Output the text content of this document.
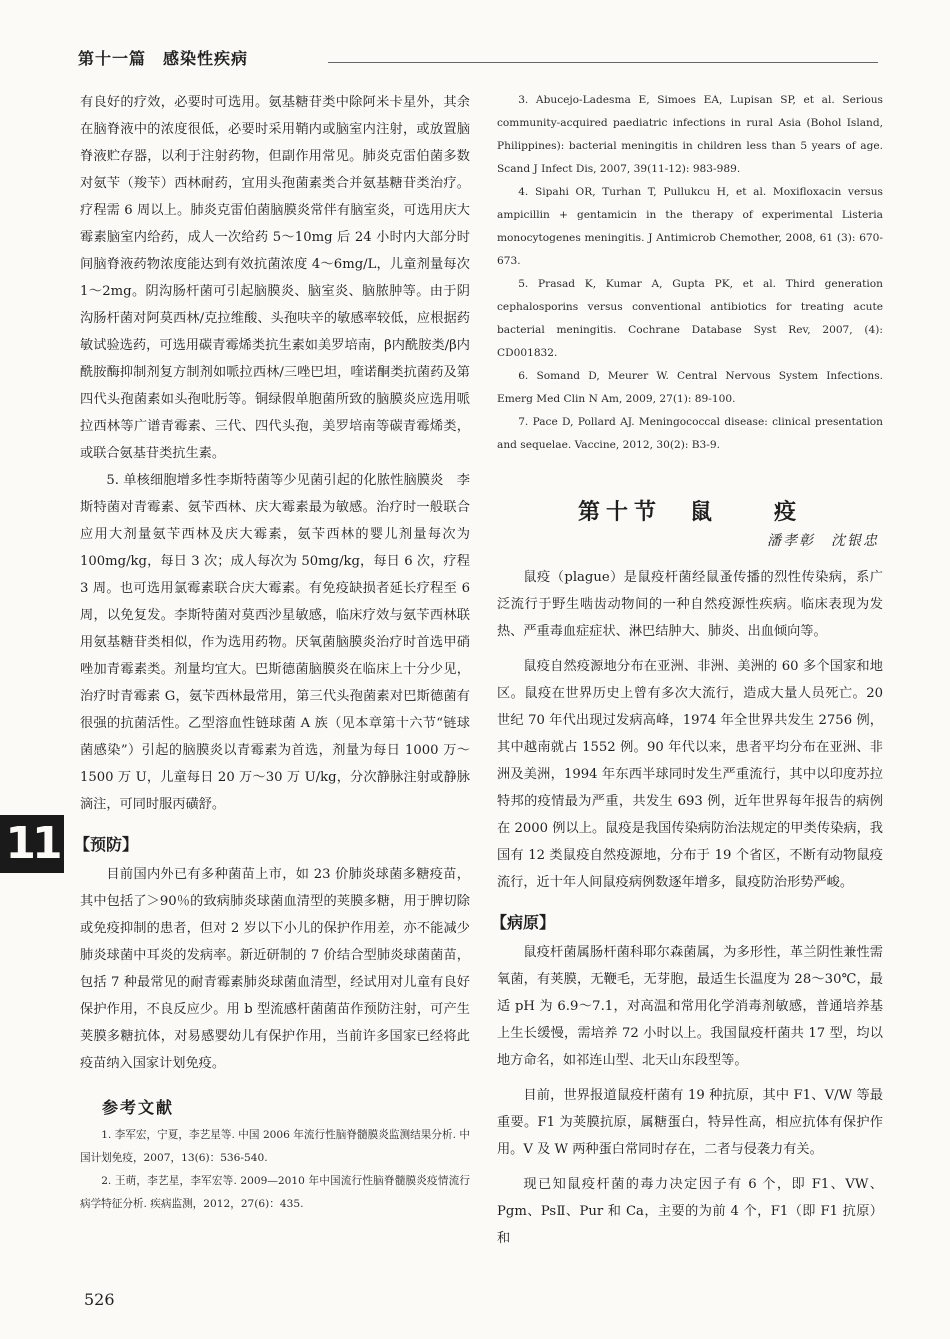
第十一篇　感染性疾病

有良好的疗效，必要时可选用。氨基糖苷类中除阿米卡星外，其余在脑脊液中的浓度很低，必要时采用鞘内或脑室内注射，或放置脑脊液贮存器，以利于注射药物，但副作用常见。肺炎克雷伯菌多数对氨苄（羧苄）西林耐药，宜用头孢菌素类合并氨基糖苷类治疗。疗程需 6 周以上。肺炎克雷伯菌脑膜炎常伴有脑室炎，可选用庆大霉素脑室内给药，成人一次给药 5～10mg 后 24 小时内大部分时间脑脊液药物浓度能达到有效抗菌浓度 4～6mg/L，儿童剂量每次 1～2mg。阴沟肠杆菌可引起脑膜炎、脑室炎、脑脓肿等。由于阴沟肠杆菌对阿莫西林/克拉维酸、头孢呋辛的敏感率较低，应根据药敏试验选药，可选用碳青霉烯类抗生素如美罗培南，β内酰胺类/β内酰胺酶抑制剂复方制剂如哌拉西林/三唑巴坦，喹诺酮类抗菌药及第四代头孢菌素如头孢吡肟等。铜绿假单胞菌所致的脑膜炎应选用哌拉西林等广谱青霉素、三代、四代头孢，美罗培南等碳青霉烯类，或联合氨基苷类抗生素。

5. 单核细胞增多性李斯特菌等少见菌引起的化脓性脑膜炎　李斯特菌对青霉素、氨苄西林、庆大霉素最为敏感。治疗时一般联合应用大剂量氨苄西林及庆大霉素，氨苄西林的婴儿剂量每次为 100mg/kg，每日 3 次；成人每次为 50mg/kg，每日 6 次，疗程 3 周。也可选用氯霉素联合庆大霉素。有免疫缺损者延长疗程至 6 周，以免复发。李斯特菌对莫西沙星敏感，临床疗效与氨苄西林联用氨基糖苷类相似，作为选用药物。厌氧菌脑膜炎治疗时首选甲硝唑加青霉素类。剂量均宜大。巴斯德菌脑膜炎在临床上十分少见，治疗时青霉素 G，氨苄西林最常用，第三代头孢菌素对巴斯德菌有很强的抗菌活性。乙型溶血性链球菌 A 族（见本章第十六节“链球菌感染”）引起的脑膜炎以青霉素为首选，剂量为每日 1000 万～1500 万 U，儿童每日 20 万～30 万 U/kg，分次静脉注射或静脉滴注，可同时服丙磺舒。

【预防】

目前国内外已有多种菌苗上市，如 23 价肺炎球菌多糖疫苗，其中包括了＞90％的致病肺炎球菌血清型的荚膜多糖，用于脾切除或免疫抑制的患者，但对 2 岁以下小儿的保护作用差，亦不能减少肺炎球菌中耳炎的发病率。新近研制的 7 价结合型肺炎球菌菌苗，包括 7 种最常见的耐青霉素肺炎球菌血清型，经试用对儿童有良好保护作用，不良反应少。用 b 型流感杆菌菌苗作预防注射，可产生荚膜多糖抗体，对易感婴幼儿有保护作用，当前许多国家已经将此疫苗纳入国家计划免疫。

参考文献

1. 李军宏，宁夏，李艺星等. 中国 2006 年流行性脑脊髓膜炎监测结果分析. 中国计划免疫，2007，13(6)：536-540.

2. 王萌，李艺星，李军宏等. 2009—2010 年中国流行性脑脊髓膜炎疫情流行病学特征分析. 疾病监测，2012，27(6)：435.

3. Abucejo-Ladesma E, Simoes EA, Lupisan SP, et al. Serious community-acquired paediatric infections in rural Asia (Bohol Island, Philippines): bacterial meningitis in children less than 5 years of age. Scand J Infect Dis, 2007, 39(11-12): 983-989.

4. Sipahi OR, Turhan T, Pullukcu H, et al. Moxifloxacin versus ampicillin + gentamicin in the therapy of experimental Listeria monocytogenes meningitis. J Antimicrob Chemother, 2008, 61 (3): 670-673.

5. Prasad K, Kumar A, Gupta PK, et al. Third generation cephalosporins versus conventional antibiotics for treating acute bacterial meningitis. Cochrane Database Syst Rev, 2007, (4): CD001832.

6. Somand D, Meurer W. Central Nervous System Infections. Emerg Med Clin N Am, 2009, 27(1): 89-100.

7. Pace D, Pollard AJ. Meningococcal disease: clinical presentation and sequelae. Vaccine, 2012, 30(2): B3-9.

第十节　鼠　　疫
潘孝彰　沈银忠

鼠疫（plague）是鼠疫杆菌经鼠蚤传播的烈性传染病，系广泛流行于野生啮齿动物间的一种自然疫源性疾病。临床表现为发热、严重毒血症症状、淋巴结肿大、肺炎、出血倾向等。

鼠疫自然疫源地分布在亚洲、非洲、美洲的 60 多个国家和地区。鼠疫在世界历史上曾有多次大流行，造成大量人员死亡。20 世纪 70 年代出现过发病高峰，1974 年全世界共发生 2756 例，其中越南就占 1552 例。90 年代以来，患者平均分布在亚洲、非洲及美洲，1994 年东西半球同时发生严重流行，其中以印度苏拉特邦的疫情最为严重，共发生 693 例，近年世界每年报告的病例在 2000 例以上。鼠疫是我国传染病防治法规定的甲类传染病，我国有 12 类鼠疫自然疫源地，分布于 19 个省区，不断有动物鼠疫流行，近十年人间鼠疫病例数逐年增多，鼠疫防治形势严峻。

【病原】

鼠疫杆菌属肠杆菌科耶尔森菌属，为多形性，革兰阴性兼性需氧菌，有荚膜，无鞭毛，无芽胞，最适生长温度为 28～30℃，最适 pH 为 6.9～7.1，对高温和常用化学消毒剂敏感，普通培养基上生长缓慢，需培养 72 小时以上。我国鼠疫杆菌共 17 型，均以地方命名，如祁连山型、北天山东段型等。

目前，世界报道鼠疫杆菌有 19 种抗原，其中 F1、V/W 等最重要。F1 为荚膜抗原，属糖蛋白，特异性高，相应抗体有保护作用。V 及 W 两种蛋白常同时存在，二者与侵袭力有关。

现已知鼠疫杆菌的毒力决定因子有 6 个，即 F1、VW、Pgm、PsⅡ、Pur 和 Ca，主要的为前 4 个，F1（即 F1 抗原）和

11
526
